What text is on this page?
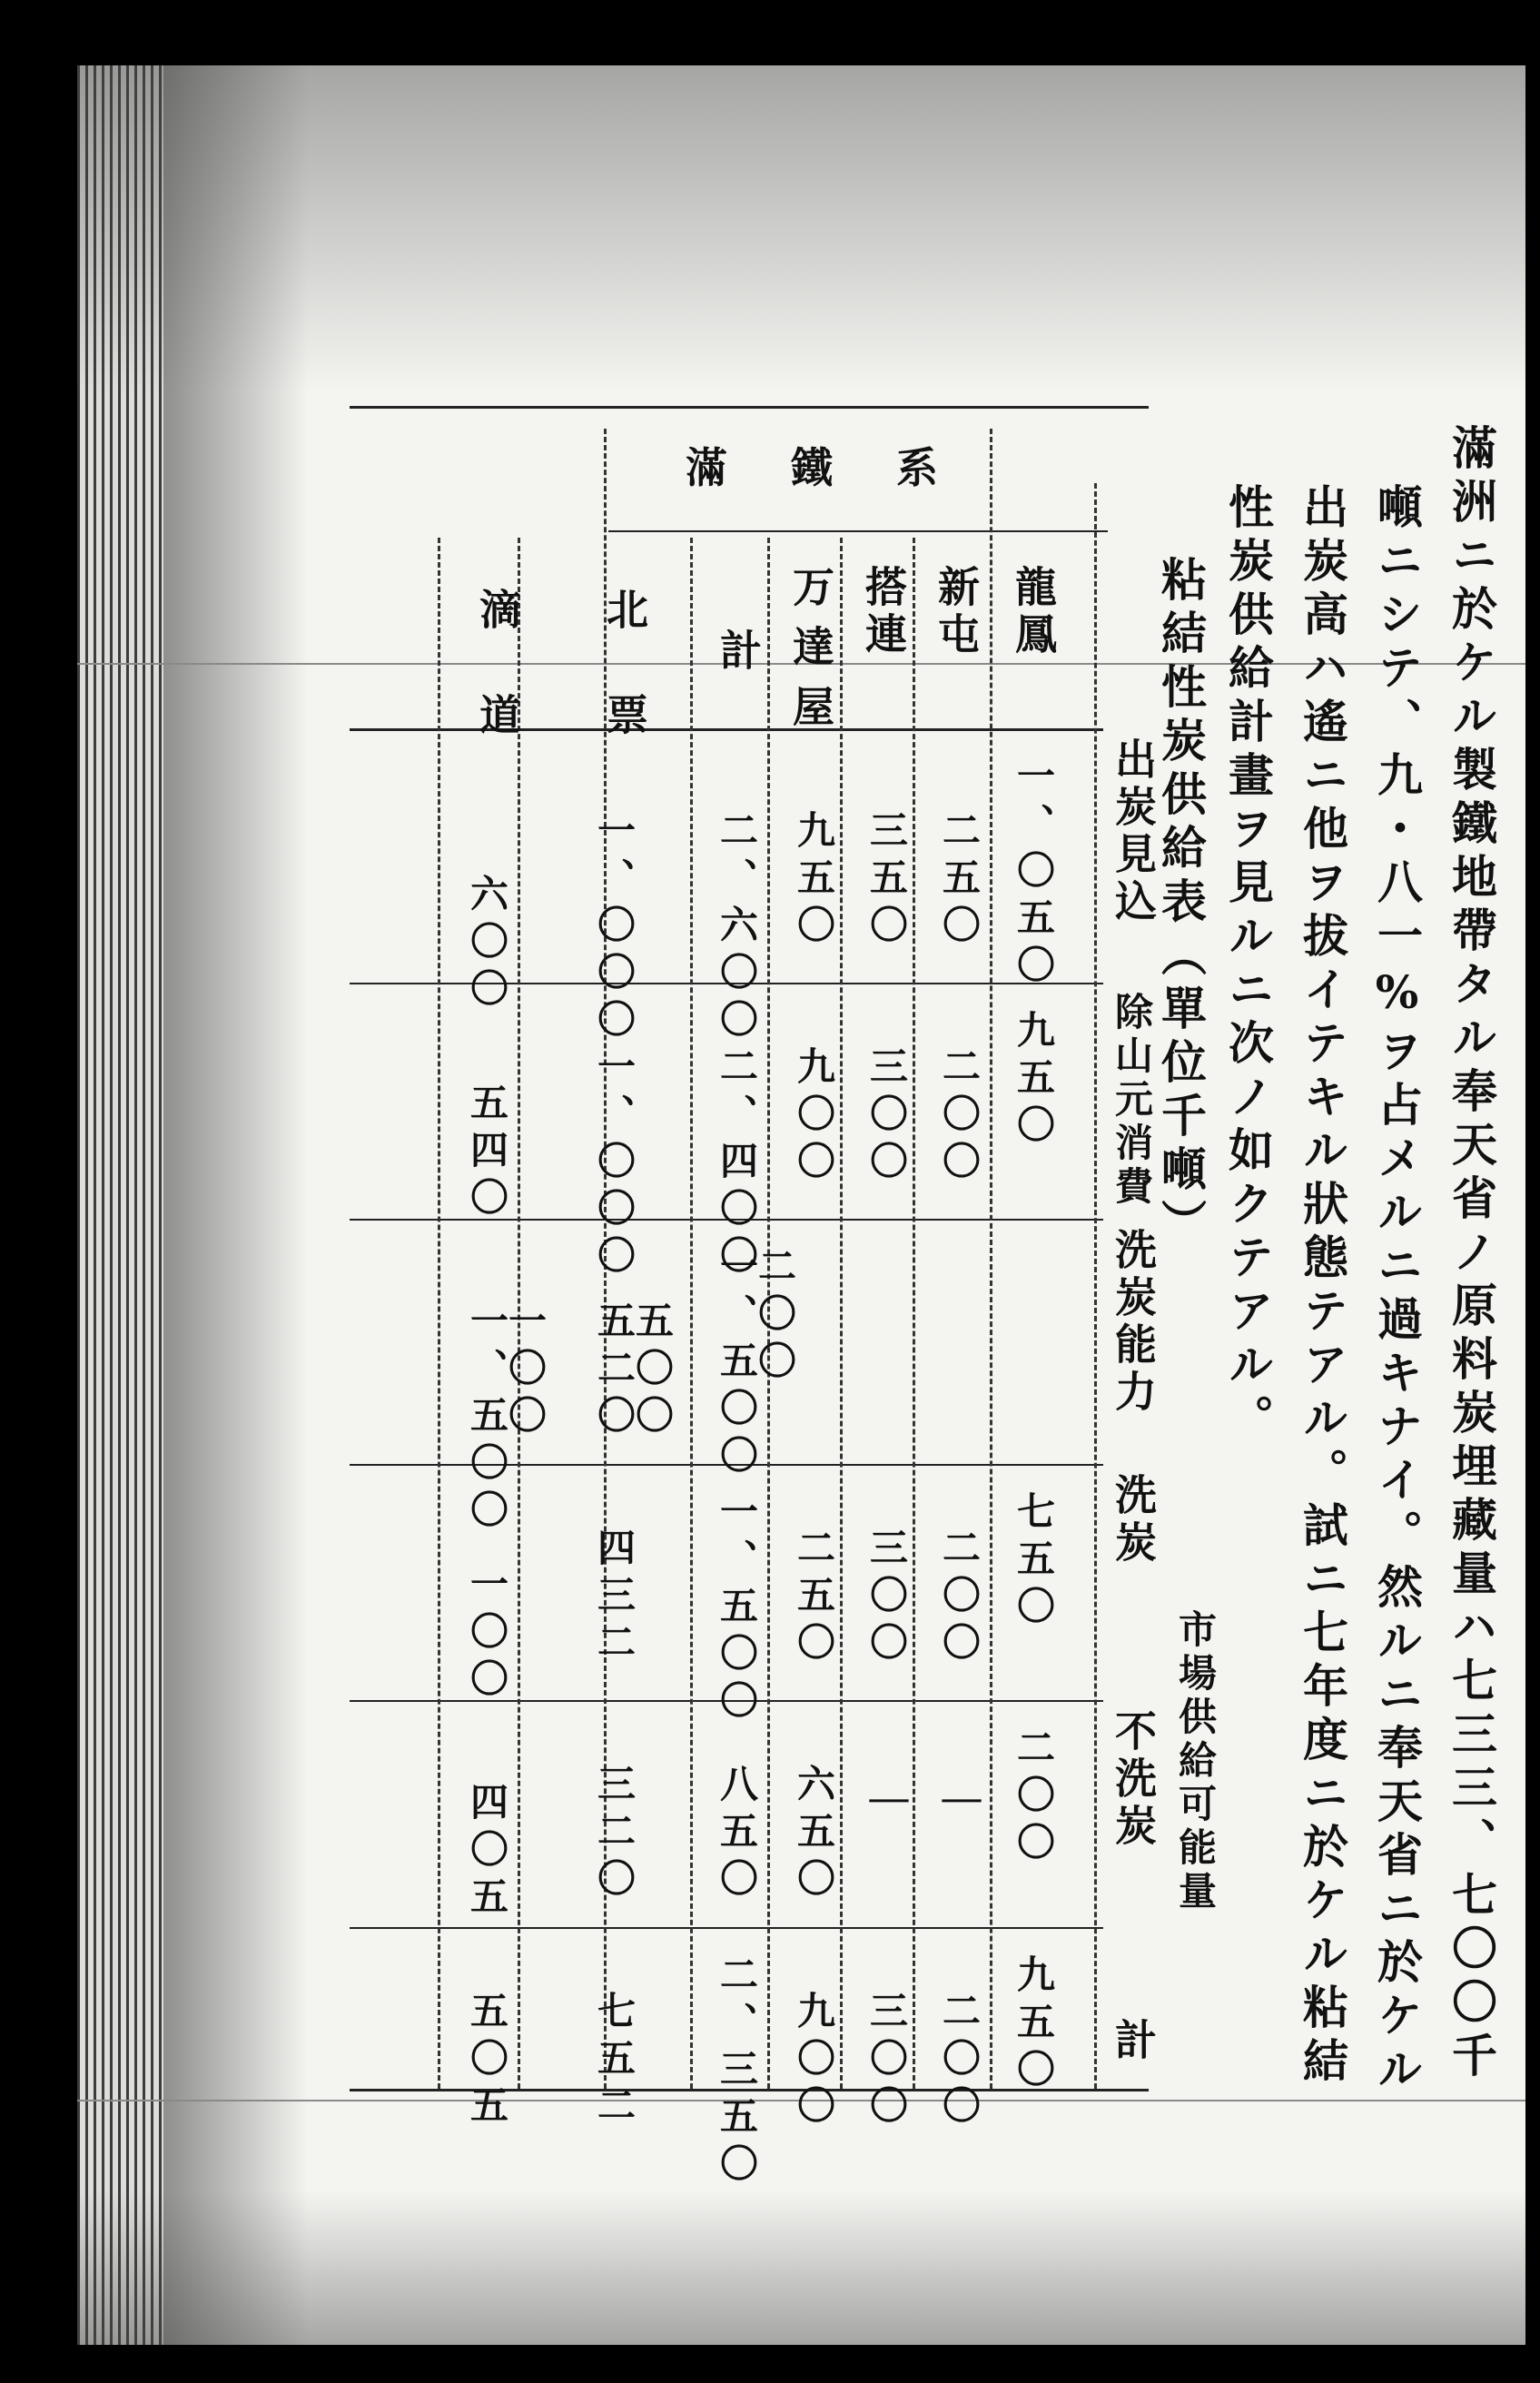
滿洲ニ於ケル製鐵地帶タル奉天省ノ原料炭埋藏量ハ七三三、七〇〇千
噸ニシテ、九・八一%ヲ占メルニ過キナイ。然ルニ奉天省ニ於ケル
出炭高ハ遙ニ他ヲ拔イテキル狀態テアル。試ニ七年度ニ於ケル粘結
性炭供給計畫ヲ見ルニ次ノ如クテアル。
粘結性炭供給表（單位千噸）
滿鐵系
龍鳳
新屯
搭連
万達屋
計
北票
滴道
出炭見込
除山元消費
洗炭能力
洗炭
不洗炭
計
市場供給可能量
一、〇五〇
九五〇
七五〇
二〇〇
九五〇
二五〇
二〇〇
二〇〇
｜
二〇〇
三五〇
三〇〇
三〇〇
｜
三〇〇
九五〇
九〇〇
二五〇
六五〇
九〇〇
二、六〇〇
二、四〇〇
二〇〇
一、五〇〇
一、五〇〇
八五〇
二、三五〇
一、〇〇〇
一、〇〇〇
五〇〇
五二〇
四三二
三二〇
七五二
六〇〇
五四〇
一〇〇
一、五〇〇
一〇〇
四〇五
五〇五
